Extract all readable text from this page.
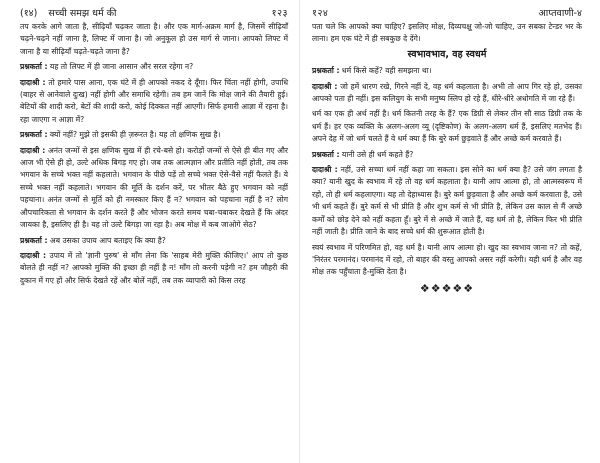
(१४) सच्ची समझ धर्म की	१२३

तप करके आगे जाता है, सीढ़ियाँ चढ़कर जाता है। और एक मार्ग-अक्रम मार्ग है, जिसमें सीढ़ियाँ चढ़ने-चढ़ने नहीं जाना है, लिफ्ट में जाना है। जो अनुकूल हो उस मार्ग से जाना। आपको लिफ्ट में जाना है या सीढ़ियाँ चढ़ते-चढ़ते जाना है?

प्रश्नकर्ता : यह तो लिफ्ट में ही जाना आसान और सरल रहेगा न?

दादाश्री : तो हमारे पास आना, एक घंटे में ही आपको नकद दे दूँगा। फिर चिंता नहीं होगी, उपाधि (बाहर से आनेवाले दुःख) नहीं होगी और समाधि रहेगी। तब हम जानें कि मोक्ष जाने की तैयारी हुई। बेटियों की शादी करो, बेटों की शादी करो, कोई दिक्कत नहीं आएगी। सिर्फ हमारी आज्ञा में रहना है। रहा जाएगा न आज्ञा में?

प्रश्नकर्ता : क्यों नहीं? मुझे तो इसकी ही ज़रूरत है। यह तो क्षणिक सुख है।

दादाश्री : अनंत जन्मों से इस क्षणिक सुख में ही रचे-बसे हो। करोड़ों जन्मों से ऐसे ही बीत गए और आज भी ऐसे ही हो, उल्टे अधिक बिगड़ गए हो। जब तक आत्मज्ञान और प्रतीति नहीं होती, तब तक भगवान के सच्चे भक्त नहीं कहलाते। भगवान के पीछे पड़ें तो सच्चे भक्त ऐसे-वैसे नहीं फैलते हैं। ये सच्चे भक्त नहीं कहलाते। भगवान की मूर्ति के दर्शन करें, पर भीतर बैठे हुए भगवान को नहीं पहचाना। अनंत जन्मों से मूर्ति को ही नमस्कार किए हैं न? भगवान को पहचाना नहीं है न? लोग औपचारिकता से भगवान के दर्शन करते हैं और भोजन करते समय चबा-चबाकर देखते हैं कि अंदर जायका है, इसलिए ही है। यह तो उल्टे बिगड़ा जा रहा है। अब मोक्ष में कब जाओगे सेठ?

प्रश्नकर्ता : अब उसका उपाय आप बताइए कि क्या है?

दादाश्री : उपाय में तो 'ज्ञानी पुरुष' से माँग लेना कि 'साहब मेरी मुक्ति कीजिए।' आप तो कुछ बोलते ही नहीं न? आपको मुक्ति की इच्छा ही नहीं है न! माँग तो करनी पड़ेगी न? हम जौहरी की दुकान में गए हों और सिर्फ देखते रहें और बोलें नहीं, तब तक व्यापारी को किस तरह

१२४	आप्तवाणी-४

पता चले कि आपको क्या चाहिए? इसलिए मोक्ष, दिव्यचक्षु जो-जो चाहिए, उन सबका टेन्डर भर के लाना। हम एक घंटे में ही सबकुछ दे देंगे।

स्वभावभाव, वह स्वधर्म

प्रश्नकर्ता : धर्म किसे कहें? वही समझना था।

दादाश्री : जो हमें धारण रखे, गिरने नहीं दे, वह धर्म कहलाता है। अभी तो आप गिर रहे हो, उसका आपको पता ही नहीं। इस कलियुग के सभी मनुष्य स्लिप हो रहे हैं, धीरे-धीरे अधोगति में जा रहे हैं।

धर्म का एक ही अर्थ नहीं है। धर्म कितनी तरह के हैं? एक डिग्री से लेकर तीन सौ साठ डिग्री तक के धर्म हैं। हर एक व्यक्ति के अलग-अलग व्यू (दृष्टिकोण) के अलग-अलग धर्म हैं, इसलिए मतभेद हैं। अपने देह में जो धर्म चलते हैं वे धर्म क्या हैं कि बुरे कर्म छुड़वाते हैं और अच्छे कर्म करवाते हैं।

प्रश्नकर्ता : यानी उसे ही धर्म कहते हैं?

दादाश्री : नहीं, उसे सच्चा धर्म नहीं कहा जा सकता। इस सोने का धर्म क्या है? उसे जंग लगता है क्या? यानी खुद के स्वभाव में रहे तो वह धर्म कहलाता है। यानी आप आत्मा हो, तो आत्मस्वरूप में रहो, तो ही धर्म कहलाएगा। यह तो देहाध्यास है। बुरे कर्म छुड़वाता है और अच्छे कर्म करवाता है, उसे भी धर्म कहते हैं। बुरे कर्म से भी प्रीति है और शुभ कर्म से भी प्रीति है, लेकिन उस काल से मैं अच्छे कर्मों को छोड़ देने को नहीं कहता हूँ। बुरे में से अच्छे में जाते हैं, वह धर्म तो है, लेकिन फिर भी प्रीति नहीं जाती है। प्रीति जाने के बाद सच्चे धर्म की शुरूआत होती है।

स्वयं स्वभाव में परिणमित हो, वह धर्म है। यानी आप आत्मा हो। खुद का स्वभाव जाना न? तो कहें, 'निरंतर परमानंद। परमानंद में रहो, तो बाहर की वस्तु आपको असर नहीं करेगी। यही धर्म है और वह मोक्ष तक पहुँचाता है-मुक्ति देता है।

❖❖❖❖❖
